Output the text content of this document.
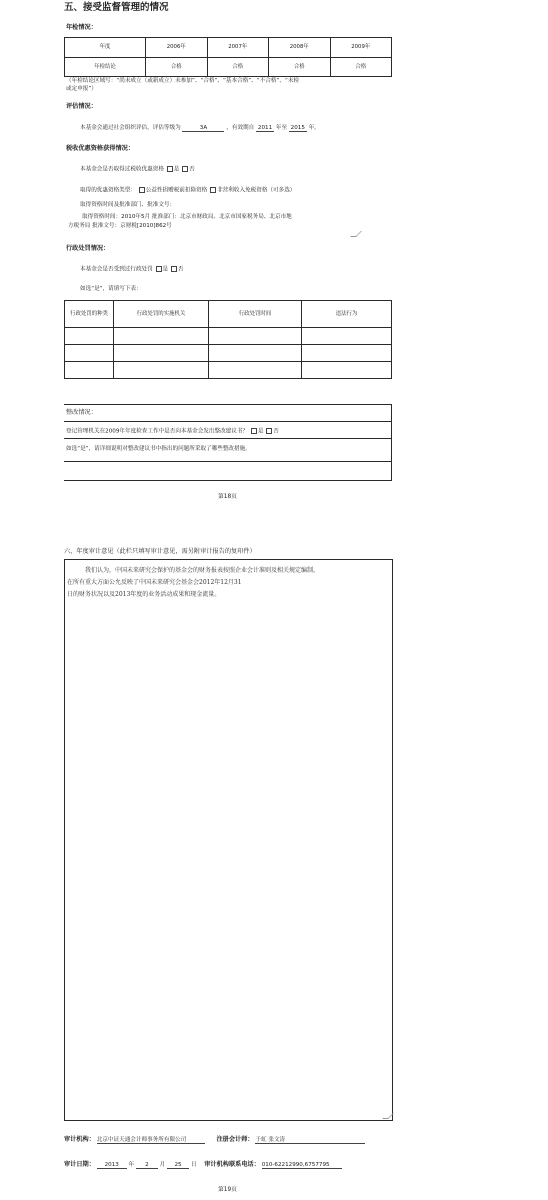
五、接受监督管理的情况
年检情况：
年度	2006年	2007年	2008年	2009年
年检结论	合格	合格	合格	合格
（年检结论区域写：“尚未成立（或新成立）未参加”、“合格”、“基本合格”、“不合格”、“未检
或定申报”）
评估情况：
本基金会通过社会组织评估，评估等级为	3A	，有效期自 2011 年至 2015 年。
税收优惠资格获得情况：
本基金会是否取得过税收优惠资格 是 否
取得的优惠资格类型： 公益性捐赠税前扣除资格 非营利收入免税资格（可多选）
取得资格时间及批准部门、批准文号：
取得资格时间：2010年5月 批准部门：北京市财政局、北京市国家税务局、北京市地
方税务局 批准文号：京财税[2010]862号
行政处罚情况：
本基金会是否受到过行政处罚 是 否
如选“是”，请填写下表：
行政处罚的种类	行政处罚的实施机关	行政处罚时间	违法行为

整改情况：
登记管理机关在2009年年度检查工作中是否向本基金会发出整改建议书？ 是 否
如选“是”，请详细说明对整改建议书中指出的问题所采取了哪些整改措施。
第18页
六、年度审计意见（此栏只填写审计意见，需另附审计报告的复印件）
我们认为，中国未来研究会保护的基金会的财务报表按照企业会计准则及相关规定编制，
在所有重大方面公允反映了中国未来研究会基金会2012年12月31
日的财务状况以及2013年度的业务活动成果和现金流量。
审计机构： 北京中证天通会计师事务所有限公司	注册会计师： 于虹 张文涛
审计日期： 2013 年 2 月 25 日 审计机构联系电话： 010-62212990,6757795
第19页
